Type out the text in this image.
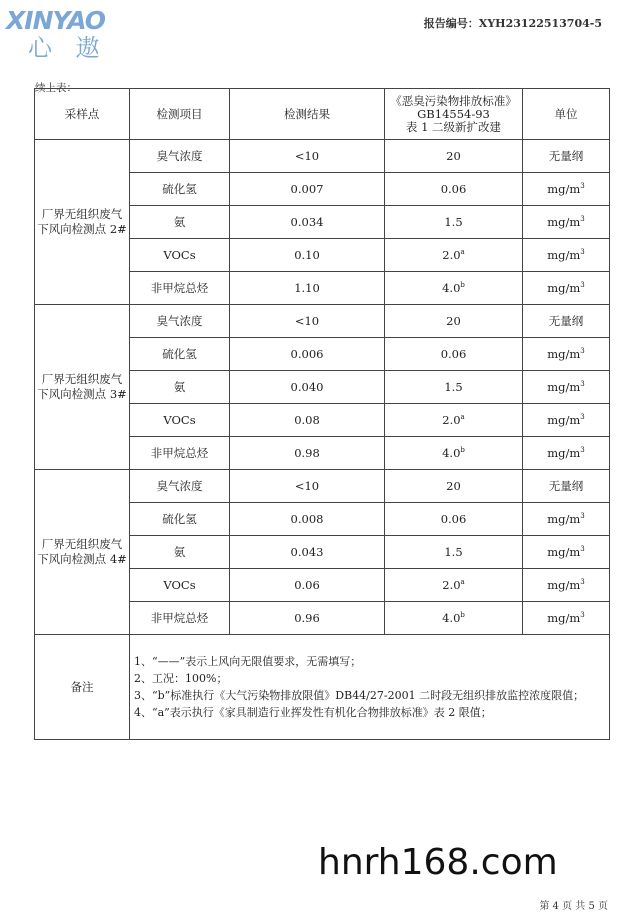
XINYAO
心 遨
报告编号：XYH23122513704-5
续上表：
采样点	检测项目	检测结果	《恶臭污染物排放标准》
GB14554-93
表 1 二级新扩改建	单位

厂界无组织废气
下风向检测点 2#	臭气浓度	<10	20	无量纲
	硫化氢	0.007	0.06	$mg/m^3$
	氨	0.034	1.5	$mg/m^3$
	VOCs	0.10	2.0$^a$	$mg/m^3$
	非甲烷总烃	1.10	4.0$^b$	$mg/m^3$

厂界无组织废气
下风向检测点 3#	臭气浓度	<10	20	无量纲
	硫化氢	0.006	0.06	$mg/m^3$
	氨	0.040	1.5	$mg/m^3$
	VOCs	0.08	2.0$^a$	$mg/m^3$
	非甲烷总烃	0.98	4.0$^b$	$mg/m^3$

厂界无组织废气
下风向检测点 4#	臭气浓度	<10	20	无量纲
	硫化氢	0.008	0.06	$mg/m^3$
	氨	0.043	1.5	$mg/m^3$
	VOCs	0.06	2.0$^a$	$mg/m^3$
	非甲烷总烃	0.96	4.0$^b$	$mg/m^3$
备注	1、“——”表示上风向无限值要求，无需填写；
2、工况：100%；
3、“b”标准执行《大气污染物排放限值》DB44/27-2001 二时段无组织排放监控浓度限值；
4、“a”表示执行《家具制造行业挥发性有机化合物排放标准》表 2 限值；			
hnrh168.com
第 4 页 共 5 页
